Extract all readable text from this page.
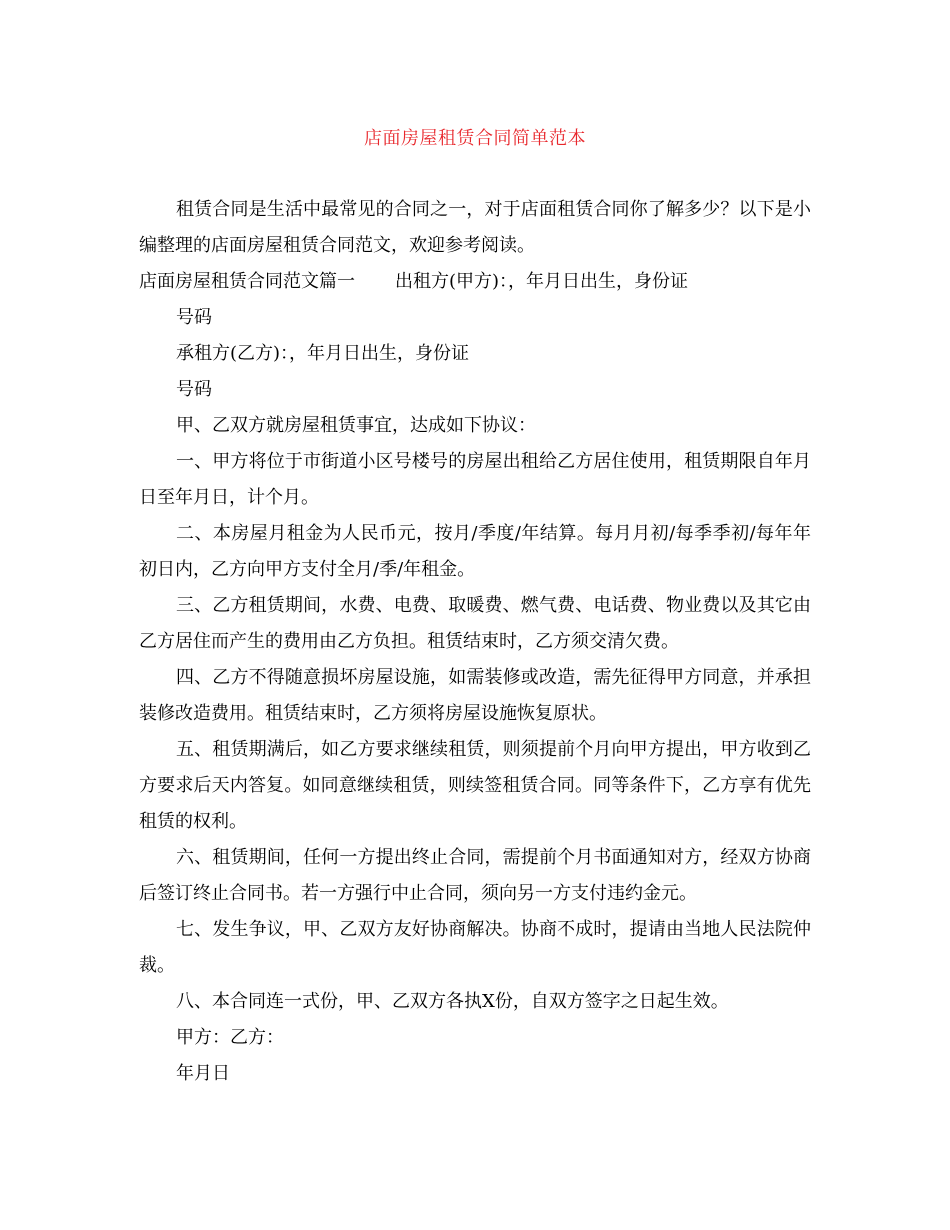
店面房屋租赁合同简单范本

租赁合同是生活中最常见的合同之一，对于店面租赁合同你了解多少？以下是小编整理的店面房屋租赁合同范文，欢迎参考阅读。

店面房屋租赁合同范文篇一 出租方(甲方)：，年月日出生，身份证

号码

承租方(乙方)：，年月日出生，身份证

号码

甲、乙双方就房屋租赁事宜，达成如下协议：

一、甲方将位于市街道小区号楼号的房屋出租给乙方居住使用，租赁期限自年月日至年月日，计个月。

二、本房屋月租金为人民币元，按月/季度/年结算。每月月初/每季季初/每年年初日内，乙方向甲方支付全月/季/年租金。

三、乙方租赁期间，水费、电费、取暖费、燃气费、电话费、物业费以及其它由乙方居住而产生的费用由乙方负担。租赁结束时，乙方须交清欠费。

四、乙方不得随意损坏房屋设施，如需装修或改造，需先征得甲方同意，并承担装修改造费用。租赁结束时，乙方须将房屋设施恢复原状。

五、租赁期满后，如乙方要求继续租赁，则须提前个月向甲方提出，甲方收到乙方要求后天内答复。如同意继续租赁，则续签租赁合同。同等条件下，乙方享有优先租赁的权利。

六、租赁期间，任何一方提出终止合同，需提前个月书面通知对方，经双方协商后签订终止合同书。若一方强行中止合同，须向另一方支付违约金元。

七、发生争议，甲、乙双方友好协商解决。协商不成时，提请由当地人民法院仲裁。

八、本合同连一式份，甲、乙双方各执X份，自双方签字之日起生效。

甲方：乙方：

年月日
